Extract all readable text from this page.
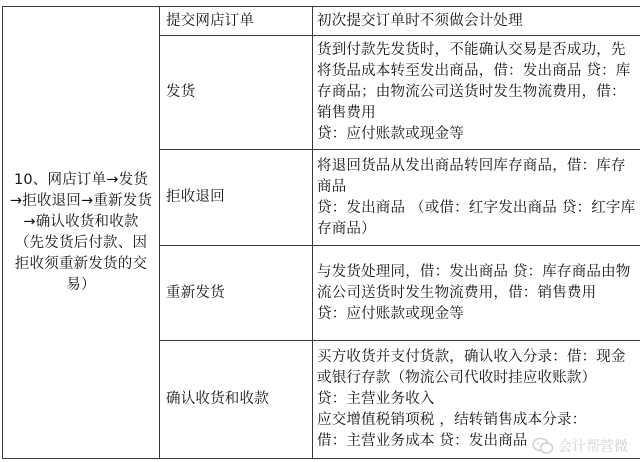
10、网店订单→发货→拒收退回→重新发货→确认收货和收款（先发货后付款、因拒收须重新发货的交易）	提交网店订单	初次提交订单时不须做会计处理

	发货	货到付款先发货时，不能确认交易是否成功，先将货品成本转至发出商品，借：发出商品 贷：库存商品；由物流公司送货时发生物流费用，借：销售费用
贷：应付账款或现金等

	拒收退回	将退回货品从发出商品转回库存商品，借：库存商品
贷：发出商品 （或借：红字发出商品 贷：红字库存商品）

	重新发货	与发货处理同，借：发出商品 贷：库存商品由物流公司送货时发生物流费用，借：销售费用
贷：应付账款或现金等

	确认收货和收款	买方收货并支付货款，确认收入分录：借：现金或银行存款（物流公司代收时挂应收账款）
贷：主营业务收入
应交增值税销项税 ，结转销售成本分录：
借：主营业务成本 贷：发出商品	会计帮营微
